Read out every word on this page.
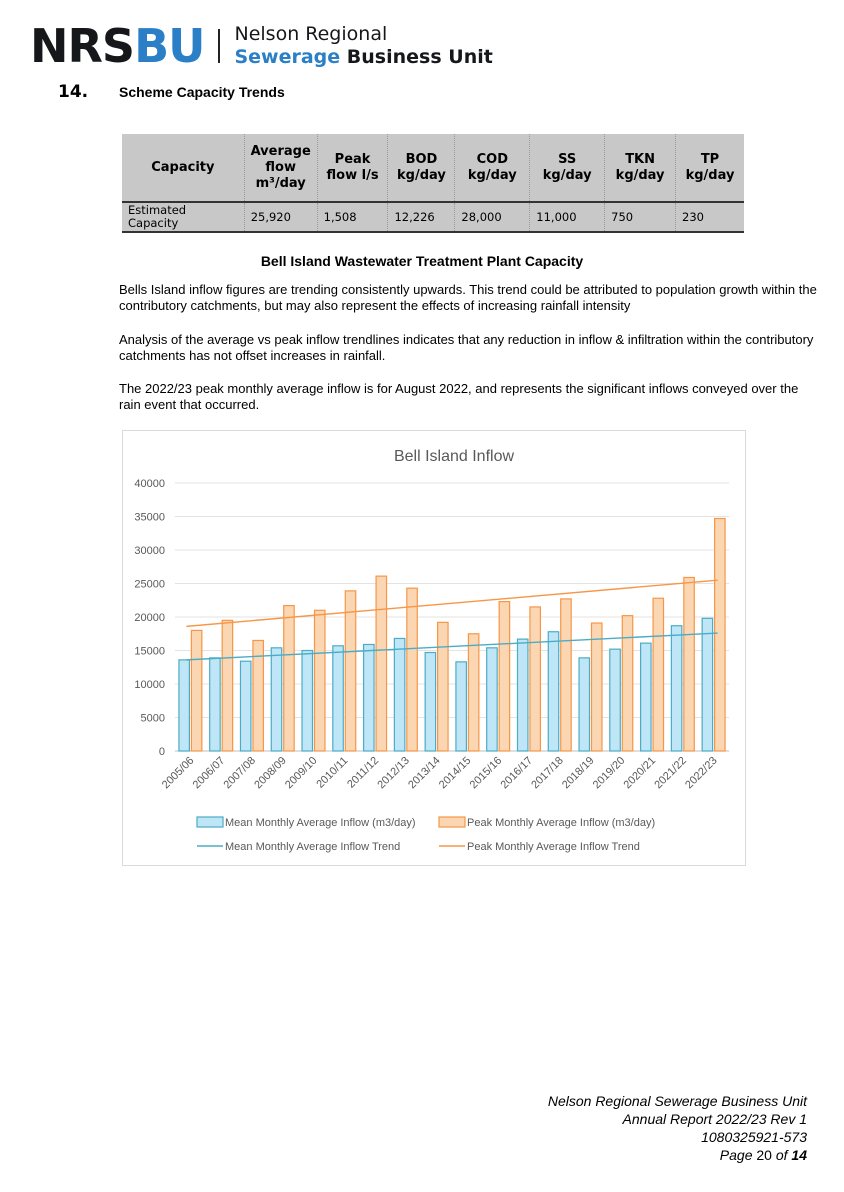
NRSBU Nelson Regional
Sewerage Business Unit
14. Scheme Capacity Trends
Capacity	Average flow m³/day	Peak flow l/s	BOD kg/day	COD kg/day	SS kg/day	TKN kg/day	TP kg/day
Estimated Capacity	25,920	1,508	12,226	28,000	11,000	750	230
Bell Island Wastewater Treatment Plant Capacity
Bells Island inflow figures are trending consistently upwards. This trend could be attributed to population growth within the contributory catchments, but may also represent the effects of increasing rainfall intensity
Analysis of the average vs peak inflow trendlines indicates that any reduction in inflow & infiltration within the contributory catchments has not offset increases in rainfall.
The 2022/23 peak monthly average inflow is for August 2022, and represents the significant inflows conveyed over the rain event that occurred.
Bell Island Inflow
0
5000
10000
15000
20000
25000
30000
35000
40000
2005/06
2006/07
2007/08
2008/09
2009/10
2010/11
2011/12
2012/13
2013/14
2014/15
2015/16
2016/17
2017/18
2018/19
2019/20
2020/21
2021/22
2022/23
Mean Monthly Average Inflow (m3/day)	Peak Monthly Average Inflow (m3/day)
Mean Monthly Average Inflow Trend	Peak Monthly Average Inflow Trend
Nelson Regional Sewerage Business Unit
Annual Report 2022/23 Rev 1
1080325921-573
Page 20 of 14
